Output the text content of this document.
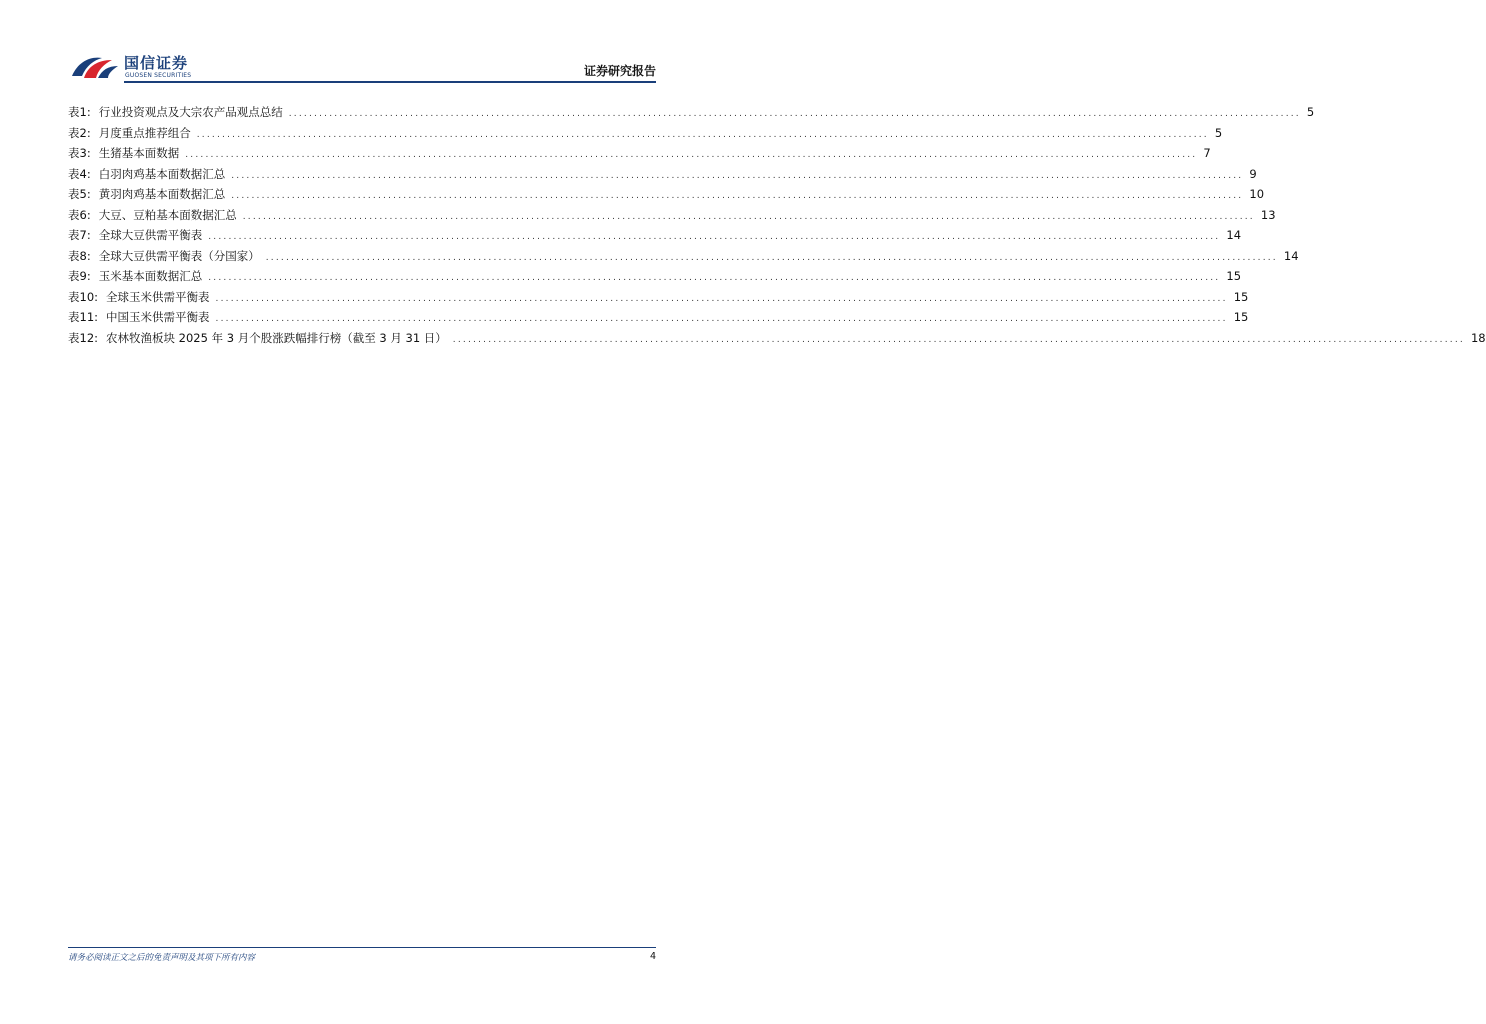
国信证券
GUOSEN SECURITIES	证券研究报告
表1: 行业投资观点及大宗农产品观点总结 ........................................................................................................................................................................................................ 5
表2: 月度重点推荐组合 ........................................................................................................................................................................................................ 5
表3: 生猪基本面数据 ........................................................................................................................................................................................................ 7
表4: 白羽肉鸡基本面数据汇总 ........................................................................................................................................................................................................ 9
表5: 黄羽肉鸡基本面数据汇总 ........................................................................................................................................................................................................ 10
表6: 大豆、豆粕基本面数据汇总 ........................................................................................................................................................................................................ 13
表7: 全球大豆供需平衡表 ........................................................................................................................................................................................................ 14
表8: 全球大豆供需平衡表（分国家） ........................................................................................................................................................................................................ 14
表9: 玉米基本面数据汇总 ........................................................................................................................................................................................................ 15
表10: 全球玉米供需平衡表 ........................................................................................................................................................................................................ 15
表11: 中国玉米供需平衡表 ........................................................................................................................................................................................................ 15
表12: 农林牧渔板块 2025 年 3 月个股涨跌幅排行榜（截至 3 月 31 日） ........................................................................................................................................................................................................ 18
请务必阅读正文之后的免责声明及其项下所有内容	4
